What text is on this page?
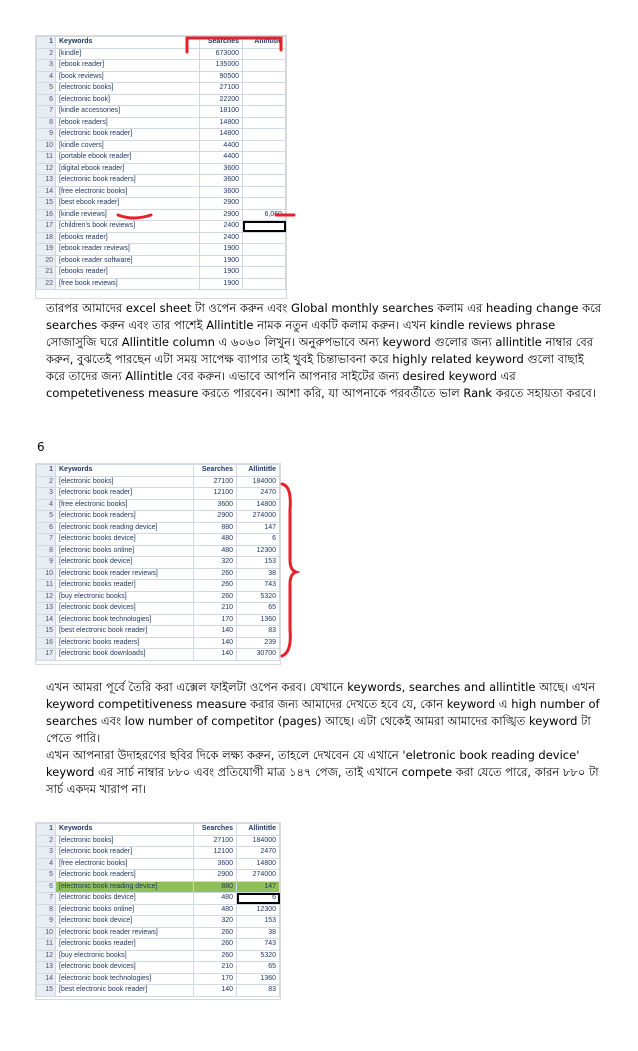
1	Keywords	Searches	Allintitle
2	[kindle]	673000	
3	[ebook reader]	135000	
4	[book reviews]	90500	
5	[electronic books]	27100	
6	[electronic book]	22200	
7	[kindle accessories]	18100	
8	[ebook readers]	14800	
9	[electronic book reader]	14800	
10	[kindle covers]	4400	
11	[portable ebook reader]	4400	
12	[digital ebook reader]	3600	
13	[electronic book readers]	3600	
14	[free electronic books]	3600	
15	[best ebook reader]	2900	
16	[kindle reviews]	2900	6,060
17	[children's book reviews]	2400	
18	[ebooks reader]	2400	
19	[ebook reader reviews]	1900	
20	[ebook reader software]	1900	
21	[ebooks reader]	1900	
22	[free book reviews]	1900	

তারপর আমাদের excel sheet টা ওপেন করুন এবং Global monthly searches কলাম এর heading change করে searches করুন এবং তার পাশেই Allintitle নামক নতুন একটি কলাম করুন। এখন kindle reviews phrase সোজাসুজি ঘরে Allintitle column এ ৬০৬০ লিখুন। অনুরুপভাবে অন্য keyword গুলোর জন্য allintitle নাম্বার বের করুন, বুঝতেই পারছেন এটা সময় সাপেক্ষ ব্যাপার তাই খুবই চিন্তাভাবনা করে highly related keyword গুলো বাছাই করে তাদের জন্য Allintitle বের করুন। এভাবে আপনি আপনার সাইটের জন্য desired keyword এর competetiveness measure করতে পারবেন। আশা করি, যা আপনাকে পরবর্তীতে ভাল Rank করতে সহায়তা করবে।

6
1	Keywords	Searches	Allintitle
2	[electronic books]	27100	184000
3	[electronic book reader]	12100	2470
4	[free electronic books]	3600	14800
5	[electronic book readers]	2900	274000
6	[electronic book reading device]	880	147
7	[electronic books device]	480	6
8	[electronic books online]	480	12300
9	[electronic book device]	320	153
10	[electronic book reader reviews]	260	38
11	[electronic books reader]	260	743
12	[buy electronic books]	260	5320
13	[electronic book devices]	210	65
14	[electronic book technologies]	170	1360
15	[best electronic book reader]	140	83
16	[electronic books readers]	140	239
17	[electronic book downloads]	140	30700

এখন আমরা পূর্বে তৈরি করা এক্সেল ফাইলটা ওপেন করব। যেখানে keywords, searches and allintitle আছে। এখন keyword competitiveness measure করার জন্য আমাদের দেখতে হবে যে, কোন keyword এ high number of searches এবং low number of competitor (pages) আছে। এটা থেকেই আমরা আমাদের কাঙ্খিত keyword টা পেতে পারি।

এখন আপনারা উদাহরণের ছবির দিকে লক্ষ্য করুন, তাহলে দেখবেন যে এখানে 'eletronic book reading device' keyword এর সার্চ নাম্বার ৮৮০ এবং প্রতিযোগী মাত্র ১৪৭ পেজ, তাই এখানে compete করা যেতে পারে, কারন ৮৮০ টা সার্চ একদম খারাপ না।

1	Keywords	Searches	Allintitle
2	[electronic books]	27100	184000
3	[electronic book reader]	12100	2470
4	[free electronic books]	3600	14800
5	[electronic book readers]	2900	274000
6	[electronic book reading device]	880	147
7	[electronic books device]	480	6
8	[electronic books online]	480	12300
9	[electronic book device]	320	153
10	[electronic book reader reviews]	260	38
11	[electronic books reader]	260	743
12	[buy electronic books]	260	5320
13	[electronic book devices]	210	65
14	[electronic book technologies]	170	1360
15	[best electronic book reader]	140	83
